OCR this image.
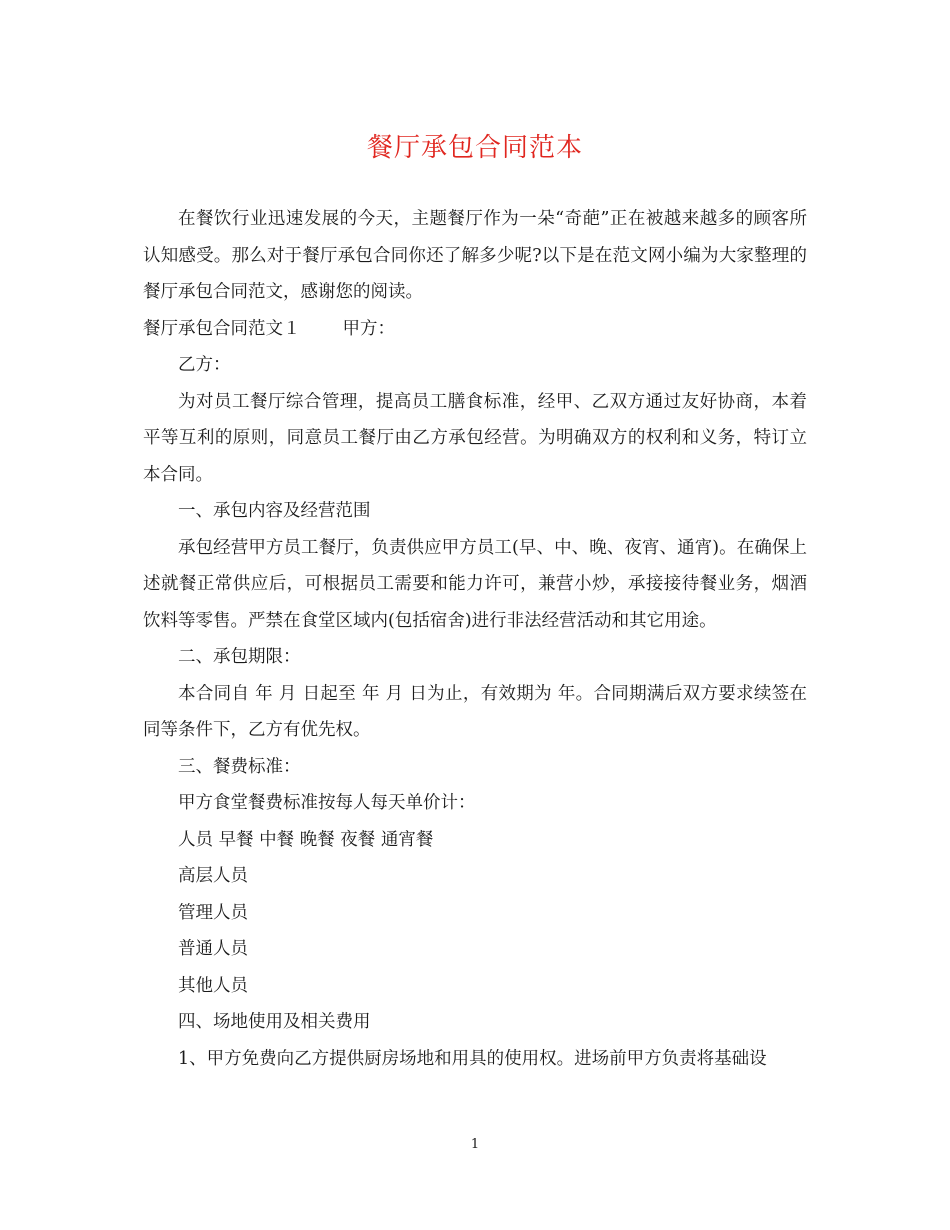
餐厅承包合同范本

在餐饮行业迅速发展的今天，主题餐厅作为一朵“奇葩”正在被越来越多的顾客所认知感受。那么对于餐厅承包合同你还了解多少呢?以下是在范文网小编为大家整理的餐厅承包合同范文，感谢您的阅读。

餐厅承包合同范文１ 甲方：

乙方：

为对员工餐厅综合管理，提高员工膳食标准，经甲、乙双方通过友好协商，本着平等互利的原则，同意员工餐厅由乙方承包经营。为明确双方的权利和义务，特订立本合同。

一、承包内容及经营范围

承包经营甲方员工餐厅，负责供应甲方员工(早、中、晚、夜宵、通宵)。在确保上述就餐正常供应后，可根据员工需要和能力许可，兼营小炒，承接接待餐业务，烟酒饮料等零售。严禁在食堂区域内(包括宿舍)进行非法经营活动和其它用途。

二、承包期限：

本合同自 年 月 日起至 年 月 日为止，有效期为 年。合同期满后双方要求续签在同等条件下，乙方有优先权。

三、餐费标准：

甲方食堂餐费标准按每人每天单价计：

人员 早餐 中餐 晚餐 夜餐 通宵餐

高层人员

管理人员

普通人员

其他人员

四、场地使用及相关费用

1、甲方免费向乙方提供厨房场地和用具的使用权。进场前甲方负责将基础设

1
